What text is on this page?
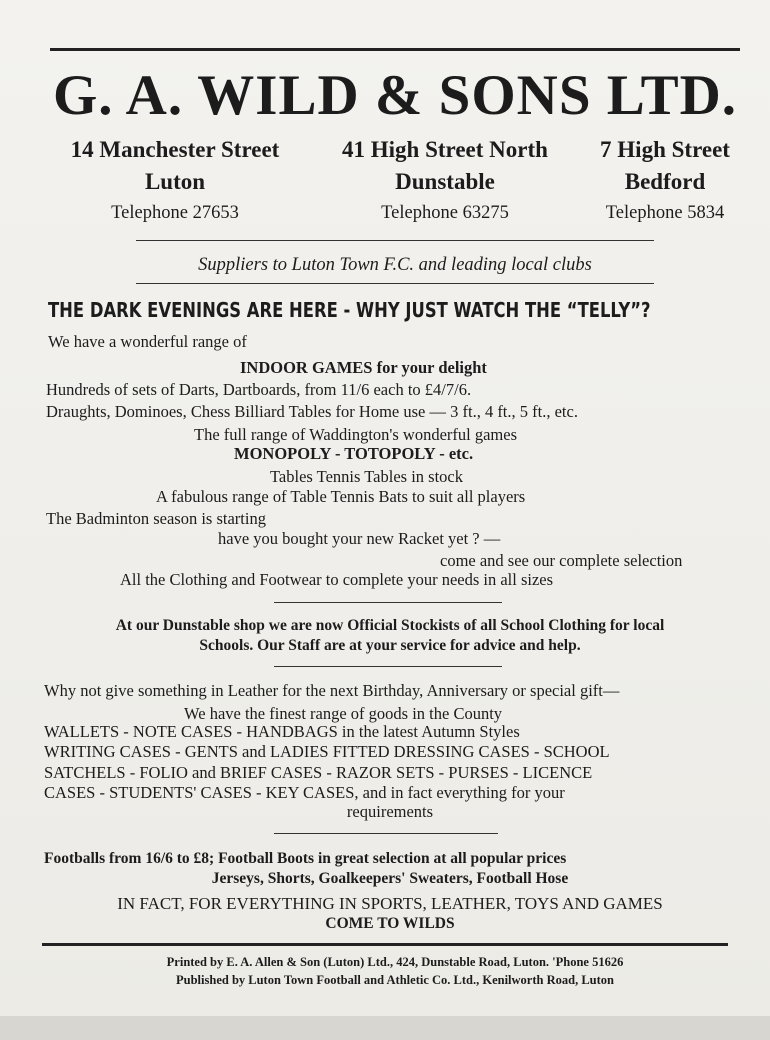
G. A. WILD & SONS LTD.
14 Manchester Street
Luton
Telephone 27653
41 High Street North
Dunstable
Telephone 63275
7 High Street
Bedford
Telephone 5834
Suppliers to Luton Town F.C. and leading local clubs
THE DARK EVENINGS ARE HERE - WHY JUST WATCH THE “TELLY”?
We have a wonderful range of
INDOOR GAMES for your delight
Hundreds of sets of Darts, Dartboards, from 11/6 each to £4/7/6.
Draughts, Dominoes, Chess Billiard Tables for Home use — 3 ft., 4 ft., 5 ft., etc.
The full range of Waddington's wonderful games
MONOPOLY - TOTOPOLY - etc.
Tables Tennis Tables in stock
A fabulous range of Table Tennis Bats to suit all players
The Badminton season is starting
have you bought your new Racket yet ? —
come and see our complete selection
All the Clothing and Footwear to complete your needs in all sizes
At our Dunstable shop we are now Official Stockists of all School Clothing for local
Schools. Our Staff are at your service for advice and help.
Why not give something in Leather for the next Birthday, Anniversary or special gift—
We have the finest range of goods in the County
WALLETS - NOTE CASES - HANDBAGS in the latest Autumn Styles
WRITING CASES - GENTS and LADIES FITTED DRESSING CASES - SCHOOL
SATCHELS - FOLIO and BRIEF CASES - RAZOR SETS - PURSES - LICENCE
CASES - STUDENTS' CASES - KEY CASES, and in fact everything for your
requirements
Footballs from 16/6 to £8; Football Boots in great selection at all popular prices
Jerseys, Shorts, Goalkeepers' Sweaters, Football Hose
IN FACT, FOR EVERYTHING IN SPORTS, LEATHER, TOYS AND GAMES
COME TO WILDS
Printed by E. A. Allen & Son (Luton) Ltd., 424, Dunstable Road, Luton. 'Phone 51626
Published by Luton Town Football and Athletic Co. Ltd., Kenilworth Road, Luton
